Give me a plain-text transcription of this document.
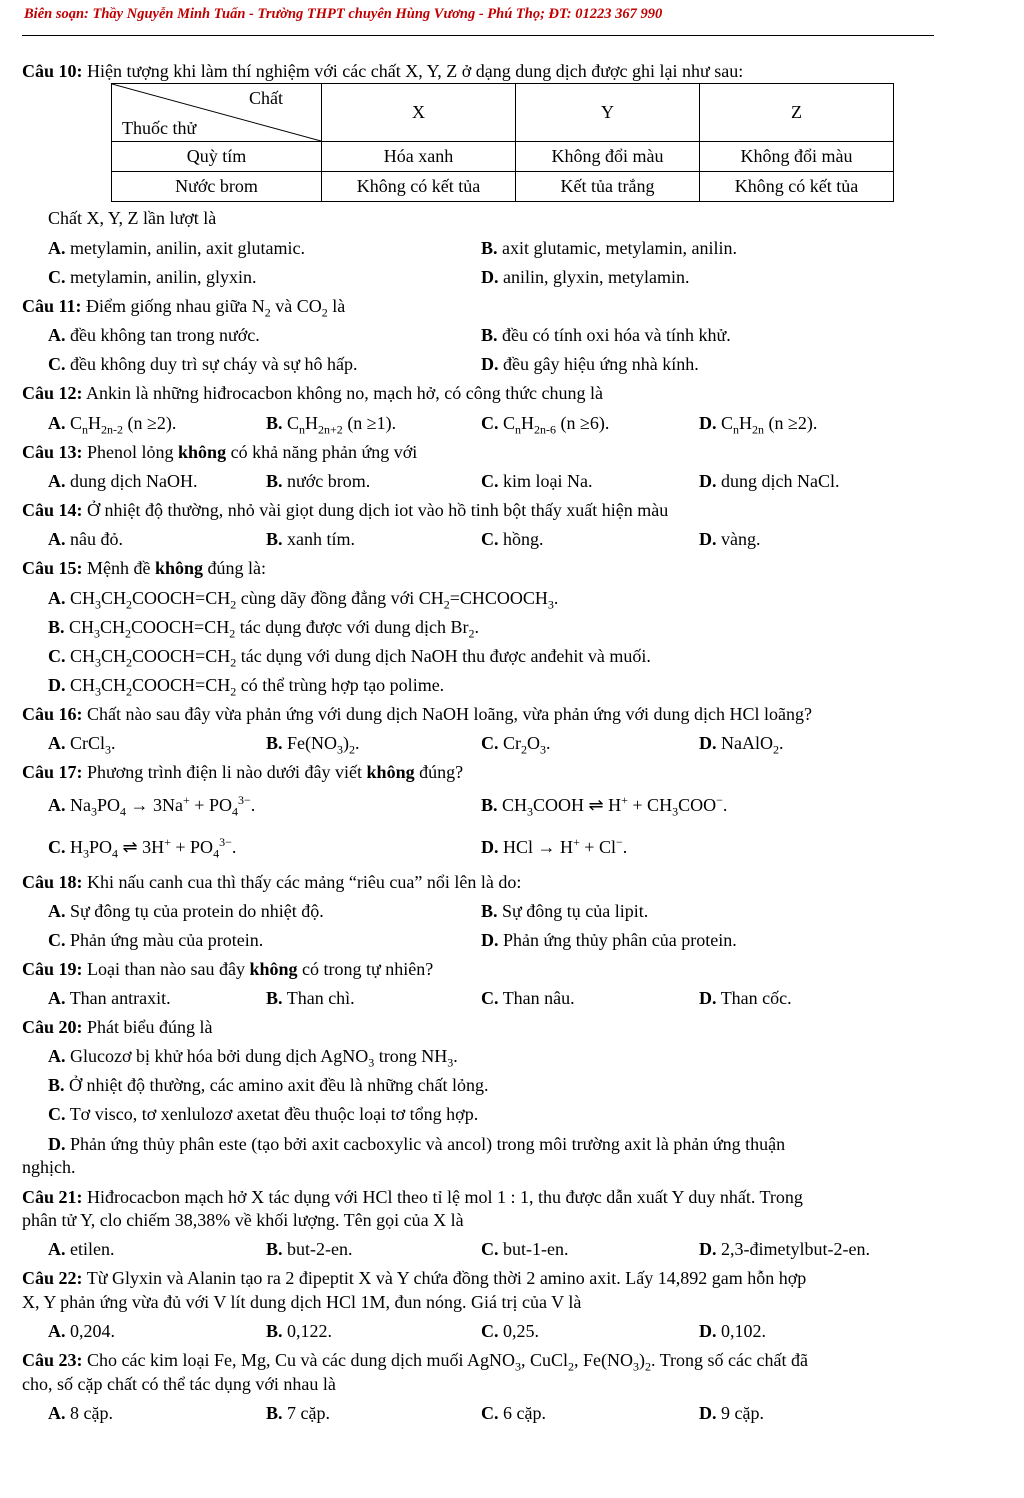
Biên soạn: Thầy Nguyễn Minh Tuấn - Trường THPT chuyên Hùng Vương - Phú Thọ; ĐT: 01223 367 990
Câu 10: Hiện tượng khi làm thí nghiệm với các chất X, Y, Z ở dạng dung dịch được ghi lại như sau:
Chất
Thuốc thử	X	Y	Z
Quỳ tím	Hóa xanh	Không đổi màu	Không đổi màu
Nước brom	Không có kết tủa	Kết tủa trắng	Không có kết tủa
Chất X, Y, Z lần lượt là
A. metylamin, anilin, axit glutamic.	B. axit glutamic, metylamin, anilin.
C. metylamin, anilin, glyxin.	D. anilin, glyxin, metylamin.
Câu 11: Điểm giống nhau giữa $N_2$ và $CO_2$ là
A. đều không tan trong nước.	B. đều có tính oxi hóa và tính khử.
C. đều không duy trì sự cháy và sự hô hấp.	D. đều gây hiệu ứng nhà kính.
Câu 12: Ankin là những hiđrocacbon không no, mạch hở, có công thức chung là
A. $C_nH_{2n-2}$ (n ≥2).	B. $C_nH_{2n+2}$ (n ≥1).	C. $C_nH_{2n-6}$ (n ≥6).	D. $C_nH_{2n}$ (n ≥2).
Câu 13: Phenol lỏng không có khả năng phản ứng với
A. dung dịch NaOH.	B. nước brom.	C. kim loại Na.	D. dung dịch NaCl.
Câu 14: Ở nhiệt độ thường, nhỏ vài giọt dung dịch iot vào hồ tinh bột thấy xuất hiện màu
A. nâu đỏ.	B. xanh tím.	C. hồng.	D. vàng.
Câu 15: Mệnh đề không đúng là:
A. $CH_3CH_2COOCH=CH_2$ cùng dãy đồng đẳng với $CH_2=CHCOOCH_3$.
B. $CH_3CH_2COOCH=CH_2$ tác dụng được với dung dịch $Br_2$.
C. $CH_3CH_2COOCH=CH_2$ tác dụng với dung dịch NaOH thu được anđehit và muối.
D. $CH_3CH_2COOCH=CH_2$ có thể trùng hợp tạo polime.
Câu 16: Chất nào sau đây vừa phản ứng với dung dịch NaOH loãng, vừa phản ứng với dung dịch HCl loãng?
A. CrCl$_3$.	B. $Fe(NO_3)_2$.	C. $Cr_2O_3$.	D. NaAlO$_2$.
Câu 17: Phương trình điện li nào dưới đây viết không đúng?
A. $Na_3PO_4 \to 3Na^+ + PO_4^{3-}$.	B. $CH_3COOH$ ⇌ $H^+ + CH_3COO^-$.
C. $H_3PO_4$ ⇌ $3H^+ + PO_4^{3-}$.	D. HCl → H+ + Cl−.
Câu 18: Khi nấu canh cua thì thấy các mảng “riêu cua” nổi lên là do:
A. Sự đông tụ của protein do nhiệt độ.	B. Sự đông tụ của lipit.
C. Phản ứng màu của protein.	D. Phản ứng thủy phân của protein.
Câu 19: Loại than nào sau đây không có trong tự nhiên?
A. Than antraxit.	B. Than chì.	C. Than nâu.	D. Than cốc.
Câu 20: Phát biểu đúng là
A. Glucozơ bị khử hóa bởi dung dịch AgNO$_3$ trong $NH_3$.
B. Ở nhiệt độ thường, các amino axit đều là những chất lỏng.
C. Tơ visco, tơ xenlulozơ axetat đều thuộc loại tơ tổng hợp.
D. Phản ứng thủy phân este (tạo bởi axit cacboxylic và ancol) trong môi trường axit là phản ứng thuận
nghịch.
Câu 21: Hiđrocacbon mạch hở X tác dụng với HCl theo tỉ lệ mol 1 : 1, thu được dẫn xuất Y duy nhất. Trong
phân tử Y, clo chiếm 38,38% về khối lượng. Tên gọi của X là
A. etilen.	B. but-2-en.	C. but-1-en.	D. 2,3-đimetylbut-2-en.
Câu 22: Từ Glyxin và Alanin tạo ra 2 đipeptit X và Y chứa đồng thời 2 amino axit. Lấy 14,892 gam hỗn hợp
X, Y phản ứng vừa đủ với V lít dung dịch HCl 1M, đun nóng. Giá trị của V là
A. 0,204.	B. 0,122.	C. 0,25.	D. 0,102.
Câu 23: Cho các kim loại Fe, Mg, Cu và các dung dịch muối AgNO$_3$, CuCl$_2$, $Fe(NO_3)_2$. Trong số các chất đã
cho, số cặp chất có thể tác dụng với nhau là
A. 8 cặp.	B. 7 cặp.	C. 6 cặp.	D. 9 cặp.
